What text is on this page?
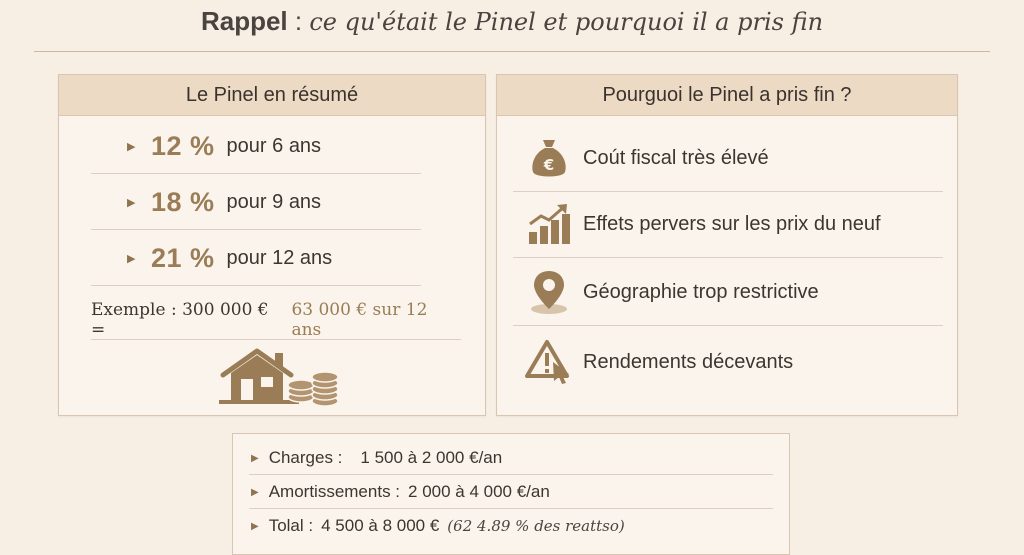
Rappel : ce qu'était le Pinel et pourquoi il a pris fin
Le Pinel en résumé
▶ 12 % pour 6 ans
▶ 18 % pour 9 ans
▶ 21 % pour 12 ans
Exemple : 300 000 € =
63 000 € sur 12 ans
Pourguoi le Pinel a pris fin ?
€ Coút fiscal très élevé
Effets pervers sur les prix du neuf
Géographie trop restrictive
Rendements décevants
▶ Charges : 1 500 à 2 000 €/an
▶ Amortissements : 2 000 à 4 000 €/an
▶ Tolal : 4 500 à 8 000 € (62 4.89 % des reattso)
